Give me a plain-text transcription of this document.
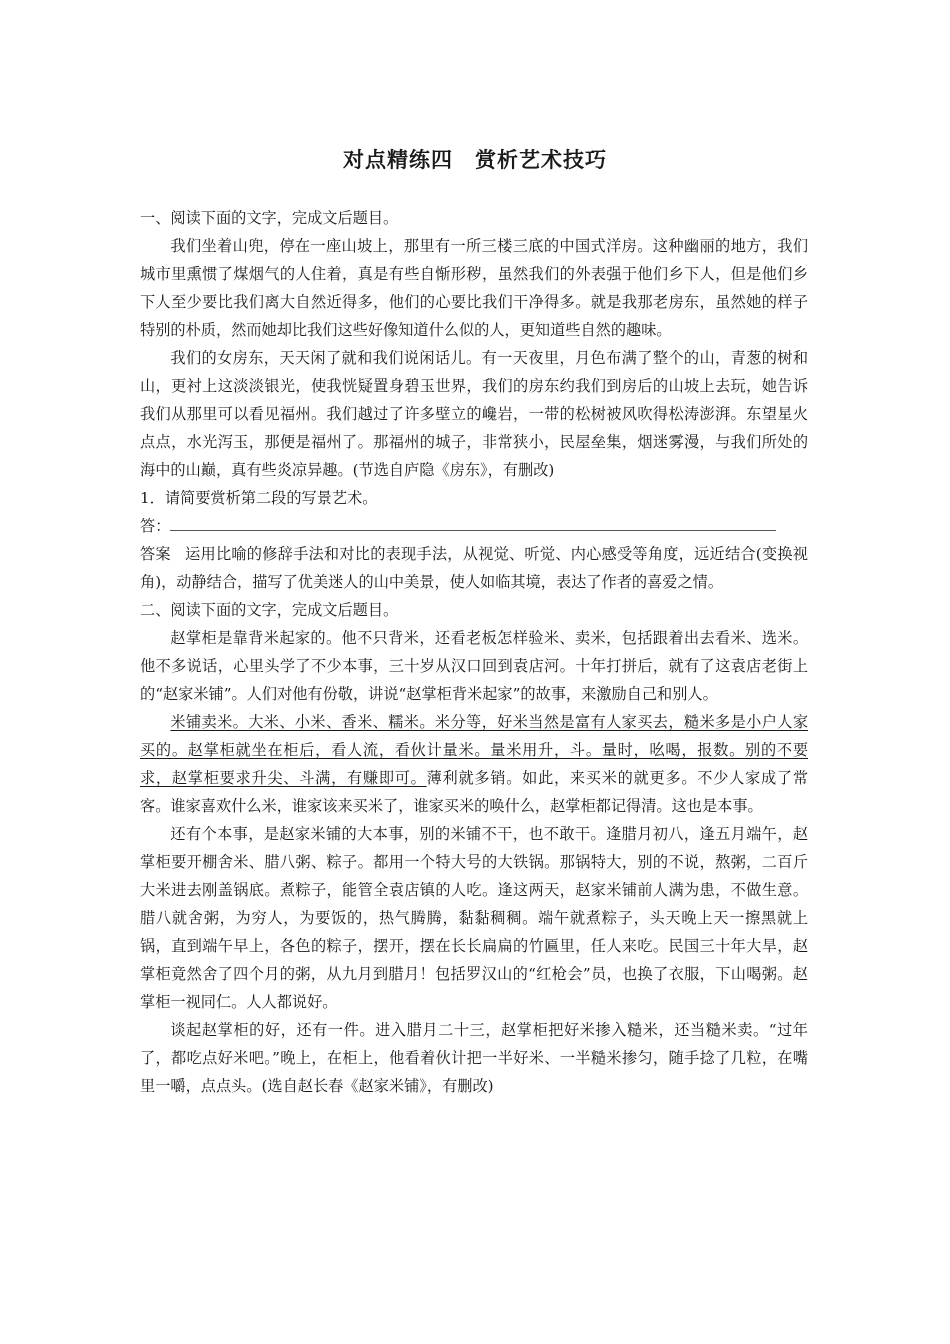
对点精练四 赏析艺术技巧

一、阅读下面的文字，完成文后题目。

我们坐着山兜，停在一座山坡上，那里有一所三楼三底的中国式洋房。这种幽丽的地方，我们城市里熏惯了煤烟气的人住着，真是有些自惭形秽，虽然我们的外表强于他们乡下人，但是他们乡下人至少要比我们离大自然近得多，他们的心要比我们干净得多。就是我那老房东，虽然她的样子特别的朴质，然而她却比我们这些好像知道什么似的人，更知道些自然的趣味。

我们的女房东，天天闲了就和我们说闲话儿。有一天夜里，月色布满了整个的山，青葱的树和山，更衬上这淡淡银光，使我恍疑置身碧玉世界，我们的房东约我们到房后的山坡上去玩，她告诉我们从那里可以看见福州。我们越过了许多壁立的巉岩，一带的松树被风吹得松涛澎湃。东望星火点点，水光泻玉，那便是福州了。那福州的城子，非常狭小，民屋垒集，烟迷雾漫，与我们所处的海中的山巅，真有些炎凉异趣。(节选自庐隐《房东》，有删改)

1．请简要赏析第二段的写景艺术。

答：

答案 运用比喻的修辞手法和对比的表现手法，从视觉、听觉、内心感受等角度，远近结合(变换视角)，动静结合，描写了优美迷人的山中美景，使人如临其境，表达了作者的喜爱之情。

二、阅读下面的文字，完成文后题目。

赵掌柜是靠背米起家的。他不只背米，还看老板怎样验米、卖米，包括跟着出去看米、选米。他不多说话，心里头学了不少本事，三十岁从汉口回到袁店河。十年打拼后，就有了这袁店老街上的“赵家米铺”。人们对他有份敬，讲说“赵掌柜背米起家”的故事，来激励自己和别人。

米铺卖米。大米、小米、香米、糯米。米分等，好米当然是富有人家买去，糙米多是小户人家买的。赵掌柜就坐在柜后，看人流，看伙计量米。量米用升，斗。量时，吆喝，报数。别的不要求，赵掌柜要求升尖、斗满，有赚即可。薄利就多销。如此，来买米的就更多。不少人家成了常客。谁家喜欢什么米，谁家该来买米了，谁家买米的唤什么，赵掌柜都记得清。这也是本事。

还有个本事，是赵家米铺的大本事，别的米铺不干，也不敢干。逢腊月初八，逢五月端午，赵掌柜要开棚舍米、腊八粥、粽子。都用一个特大号的大铁锅。那锅特大，别的不说，熬粥，二百斤大米进去刚盖锅底。煮粽子，能管全袁店镇的人吃。逢这两天，赵家米铺前人满为患，不做生意。腊八就舍粥，为穷人，为要饭的，热气腾腾，黏黏稠稠。端午就煮粽子，头天晚上天一擦黑就上锅，直到端午早上，各色的粽子，摆开，摆在长长扁扁的竹匾里，任人来吃。民国三十年大旱，赵掌柜竟然舍了四个月的粥，从九月到腊月！包括罗汉山的“红枪会”员，也换了衣服，下山喝粥。赵掌柜一视同仁。人人都说好。

谈起赵掌柜的好，还有一件。进入腊月二十三，赵掌柜把好米掺入糙米，还当糙米卖。“过年了，都吃点好米吧。”晚上，在柜上，他看着伙计把一半好米、一半糙米掺匀，随手捻了几粒，在嘴里一嚼，点点头。(选自赵长春《赵家米铺》，有删改)
